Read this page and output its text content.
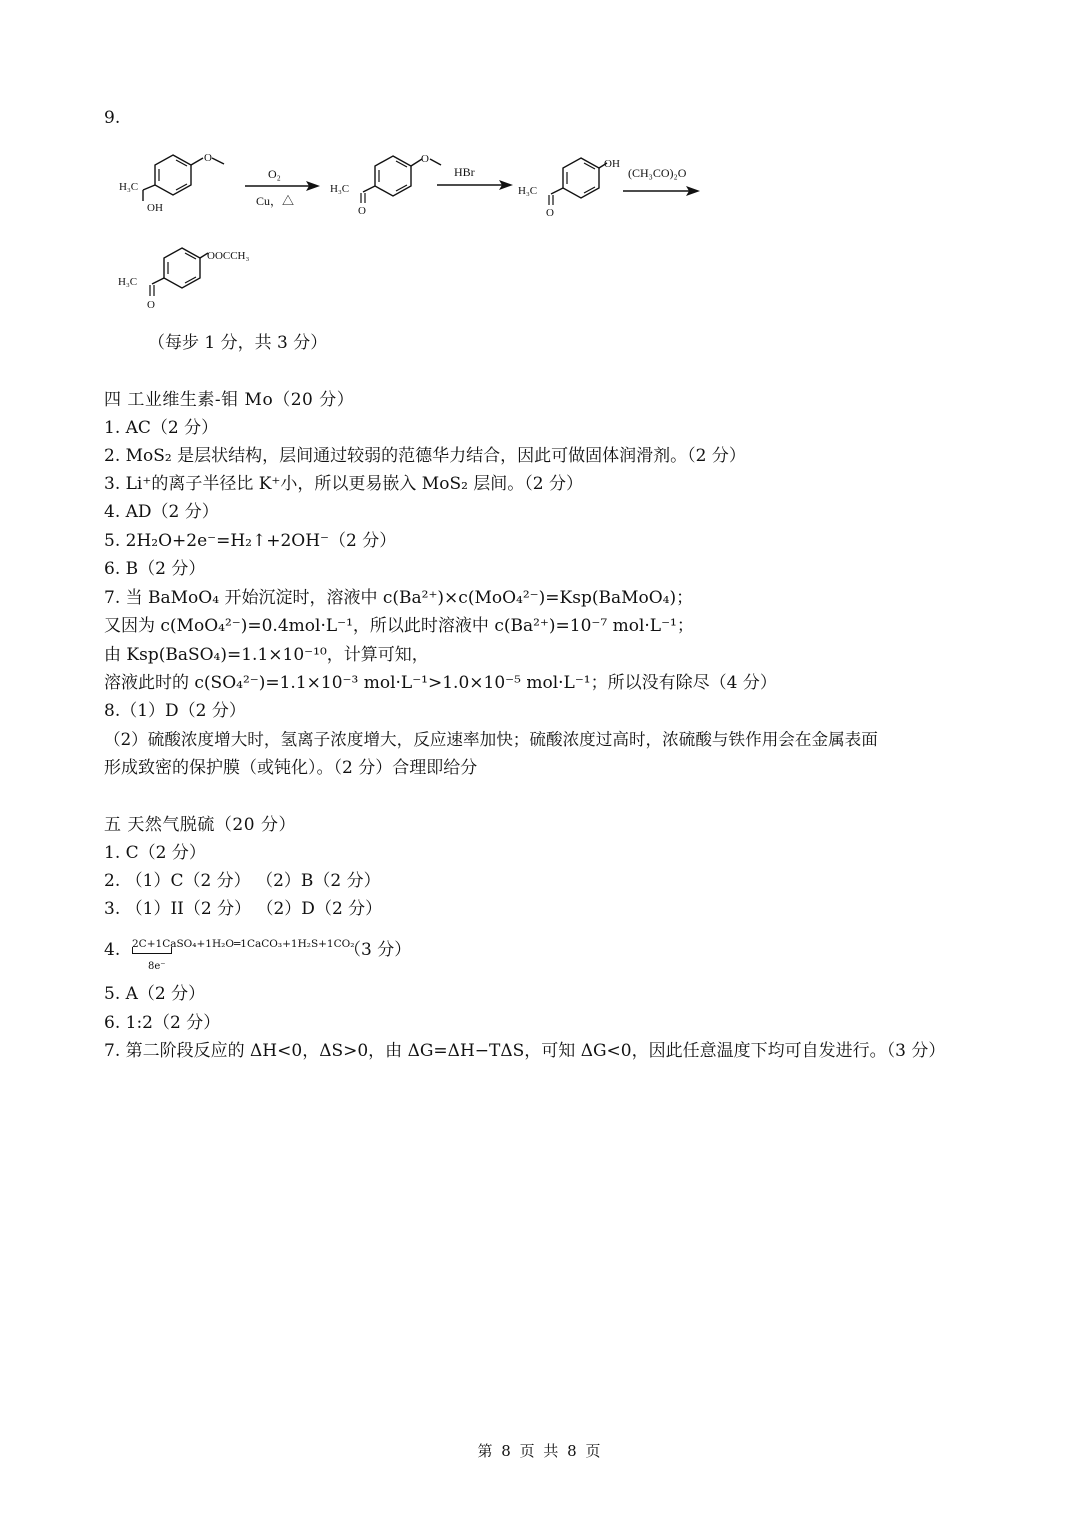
9.
H₃C
O
OH
O₂
Cu，△
H₃C
O
O
HBr
H₃C
OH
O
(CH₃CO)₂O
H₃C
OOCCH₃
O
（每步 1 分，共 3 分）
四 工业维生素-钼 Mo（20 分）
1. AC（2 分）
2. MoS₂ 是层状结构，层间通过较弱的范德华力结合，因此可做固体润滑剂。（2 分）
3. Li⁺的离子半径比 K⁺小，所以更易嵌入 MoS₂ 层间。（2 分）
4. AD（2 分）
5. 2H₂O+2e⁻=H₂↑+2OH⁻（2 分）
6. B（2 分）
7. 当 BaMoO₄ 开始沉淀时，溶液中 c(Ba²⁺)×c(MoO₄²⁻)=Ksp(BaMoO₄)；
又因为 c(MoO₄²⁻)=0.4mol·L⁻¹，所以此时溶液中 c(Ba²⁺)=10⁻⁷ mol·L⁻¹；
由 Ksp(BaSO₄)=1.1×10⁻¹⁰，计算可知，
溶液此时的 c(SO₄²⁻)=1.1×10⁻³ mol·L⁻¹>1.0×10⁻⁵ mol·L⁻¹；所以没有除尽（4 分）
8.（1）D（2 分）
（2）硫酸浓度增大时，氢离子浓度增大，反应速率加快；硫酸浓度过高时，浓硫酸与铁作用会在金属表面
形成致密的保护膜（或钝化）。（2 分）合理即给分
五 天然气脱硫（20 分）
1. C（2 分）
2. （1）C（2 分） （2）B（2 分）
3. （1）II（2 分） （2）D（2 分）
4. 2C+1CaSO₄+1H₂O═1CaCO₃+1H₂S+1CO₂
8e⁻
（3 分）
5. A（2 分）
6. 1:2（2 分）
7. 第二阶段反应的 ΔH<0，ΔS>0，由 ΔG=ΔH−TΔS，可知 ΔG<0，因此任意温度下均可自发进行。（3 分）
第 8 页 共 8 页
